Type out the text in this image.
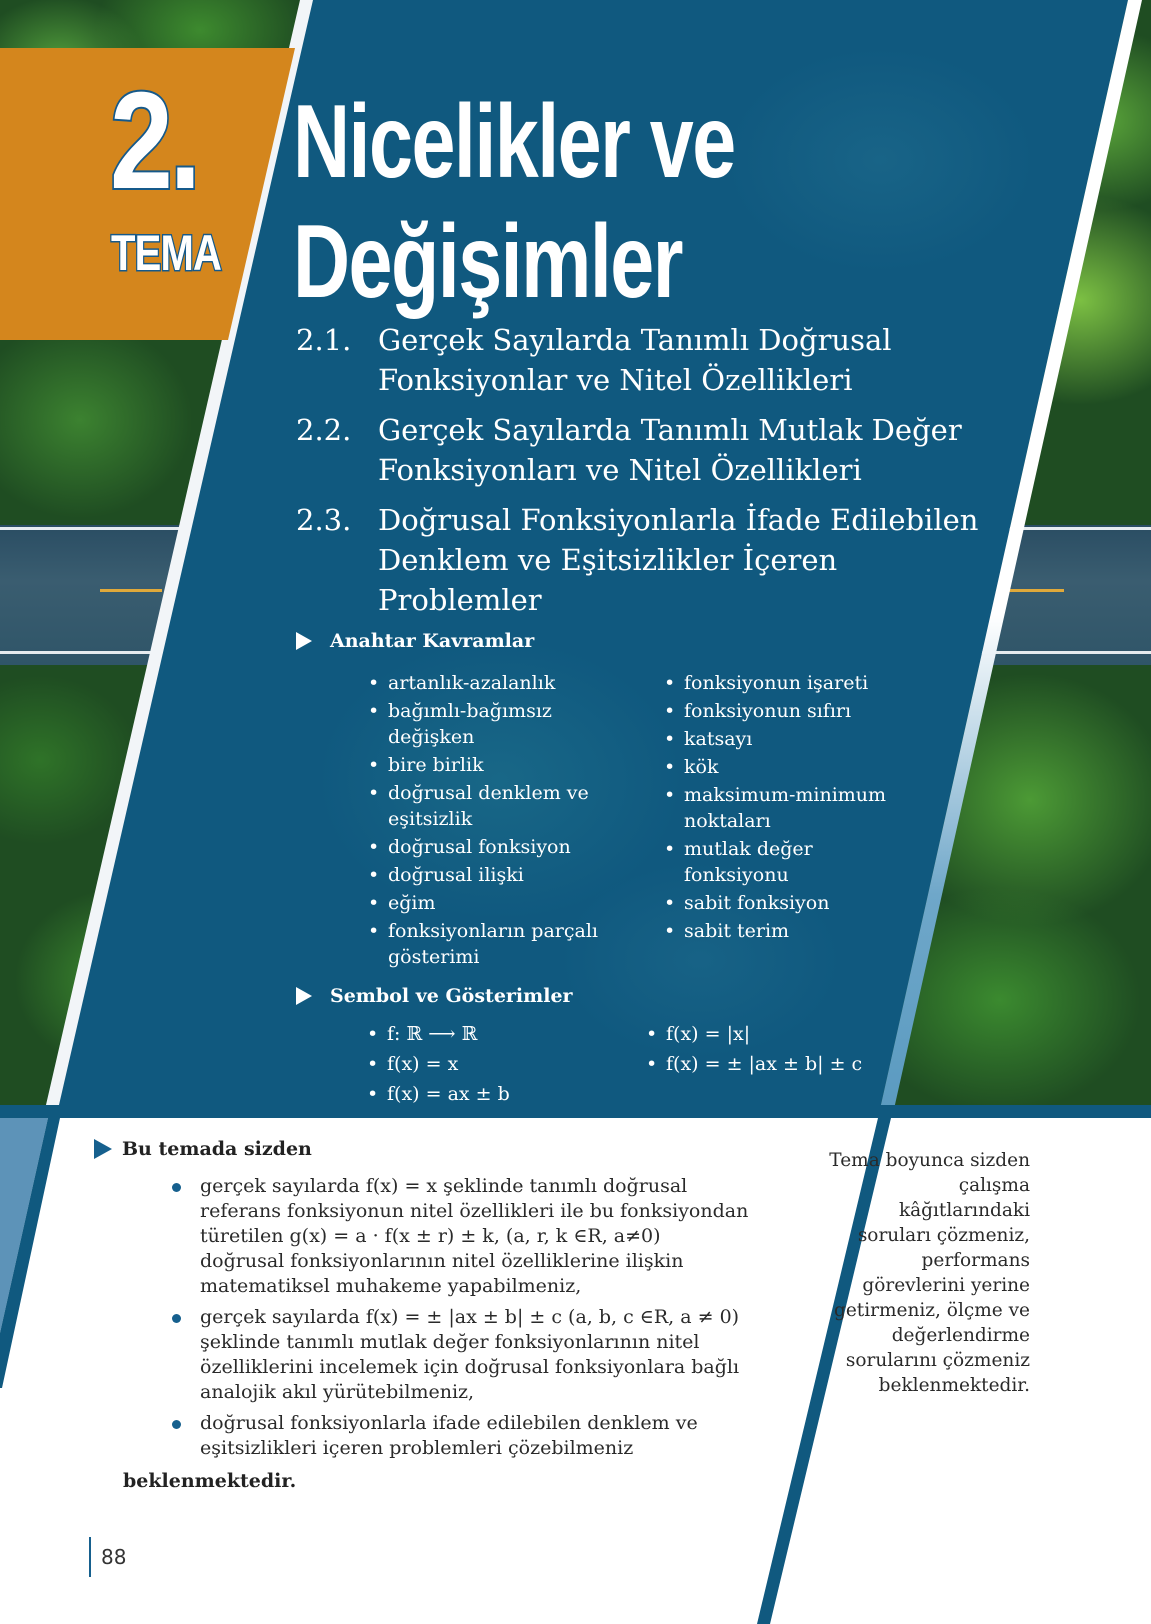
2.
TEMA
Nicelikler ve
Değişimler
2.1. Gerçek Sayılarda Tanımlı Doğrusal Fonksiyonlar ve Nitel Özellikleri
2.2. Gerçek Sayılarda Tanımlı Mutlak Değer Fonksiyonları ve Nitel Özellikleri
2.3. Doğrusal Fonksiyonlarla İfade Edilebilen Denklem ve Eşitsizlikler İçeren Problemler
Anahtar Kavramlar
• artanlık-azalanlık
• bağımlı-bağımsız değişken
• bire birlik
• doğrusal denklem ve eşitsizlik
• doğrusal fonksiyon
• doğrusal ilişki
• eğim
• fonksiyonların parçalı gösterimi
• fonksiyonun işareti
• fonksiyonun sıfırı
• katsayı
• kök
• maksimum-minimum noktaları
• mutlak değer fonksiyonu
• sabit fonksiyon
• sabit terim
Sembol ve Gösterimler
• f: ℝ ⟶ ℝ
• f(x) = x
• f(x) = ax ± b
• f(x) = |x|
• f(x) = ± |ax ± b| ± c
Bu temada sizden
gerçek sayılarda f(x) = x şeklinde tanımlı doğrusal referans fonksiyonun nitel özellikleri ile bu fonksiyondan türetilen g(x) = a · f(x ± r) ± k, (a, r, k ∈R, a≠0) doğrusal fonksiyonlarının nitel özelliklerine ilişkin matematiksel muhakeme yapabilmeniz,
gerçek sayılarda f(x) = ± |ax ± b| ± c (a, b, c ∈R, a ≠ 0) şeklinde tanımlı mutlak değer fonksiyonlarının nitel özelliklerini incelemek için doğrusal fonksiyonlara bağlı analojik akıl yürütebilmeniz,
doğrusal fonksiyonlarla ifade edilebilen denklem ve eşitsizlikleri içeren problemleri çözebilmeniz
beklenmektedir.
Tema boyunca sizden çalışma kâğıtlarındaki soruları çözmeniz, performans görevlerini yerine getirmeniz, ölçme ve değerlendirme sorularını çözmeniz beklenmektedir.
88
